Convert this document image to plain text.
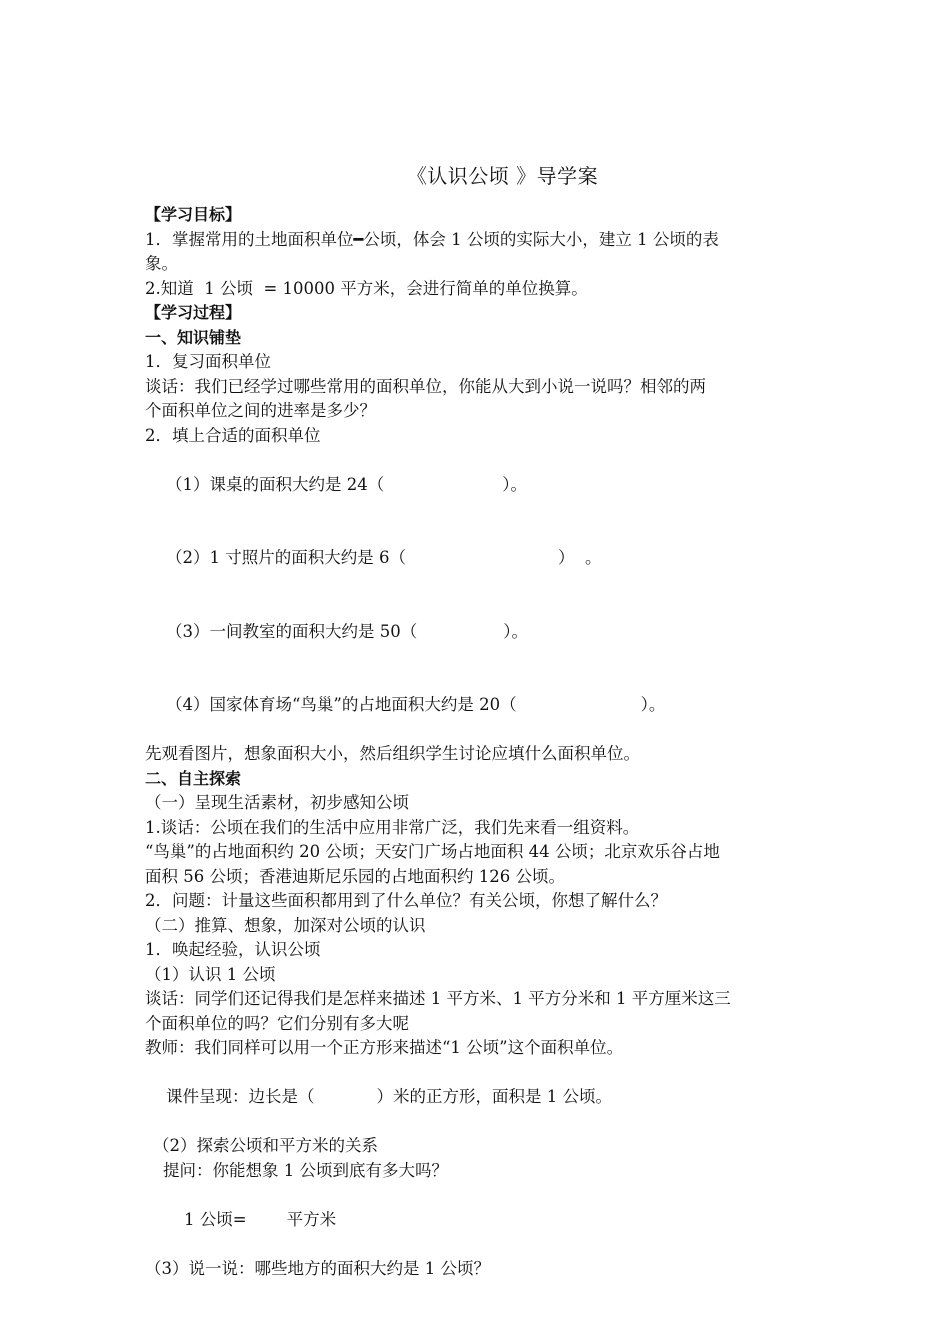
《认识公顷 》导学案

【学习目标】

1．掌握常用的土地面积单位━公顷，体会 1 公顷的实际大小，建立 1 公顷的表

象。

2.知道  1 公顷  = 10000 平方米，会进行简单的单位换算。

【学习过程】

一、知识铺垫

1．复习面积单位

谈话：我们已经学过哪些常用的面积单位，你能从大到小说一说吗？相邻的两

个面积单位之间的进率是多少？

2．填上合适的面积单位

（1）课桌的面积大约是 24（	）。

（2）1 寸照片的面积大约是 6（	）  。

（3）一间教室的面积大约是 50（	）。

（4）国家体育场“鸟巢”的占地面积大约是 20（	）。

先观看图片，想象面积大小，然后组织学生讨论应填什么面积单位。

二、自主探索

（一）呈现生活素材，初步感知公顷

1.谈话：公顷在我们的生活中应用非常广泛，我们先来看一组资料。

“鸟巢”的占地面积约 20 公顷；天安门广场占地面积 44 公顷；北京欢乐谷占地

面积 56 公顷；香港迪斯尼乐园的占地面积约 126 公顷。

2．问题：计量这些面积都用到了什么单位？有关公顷，你想了解什么？

（二）推算、想象，加深对公顷的认识

1．唤起经验，认识公顷

（1）认识 1 公顷

谈话：同学们还记得我们是怎样来描述 1 平方米、1 平方分米和 1 平方厘米这三

个面积单位的吗？它们分别有多大呢

教师：我们同样可以用一个正方形来描述“1 公顷”这个面积单位。

课件呈现：边长是（	）米的正方形，面积是 1 公顷。

（2）探索公顷和平方米的关系

提问：你能想象 1 公顷到底有多大吗？

1 公顷= 平方米

（3）说一说：哪些地方的面积大约是 1 公顷？
